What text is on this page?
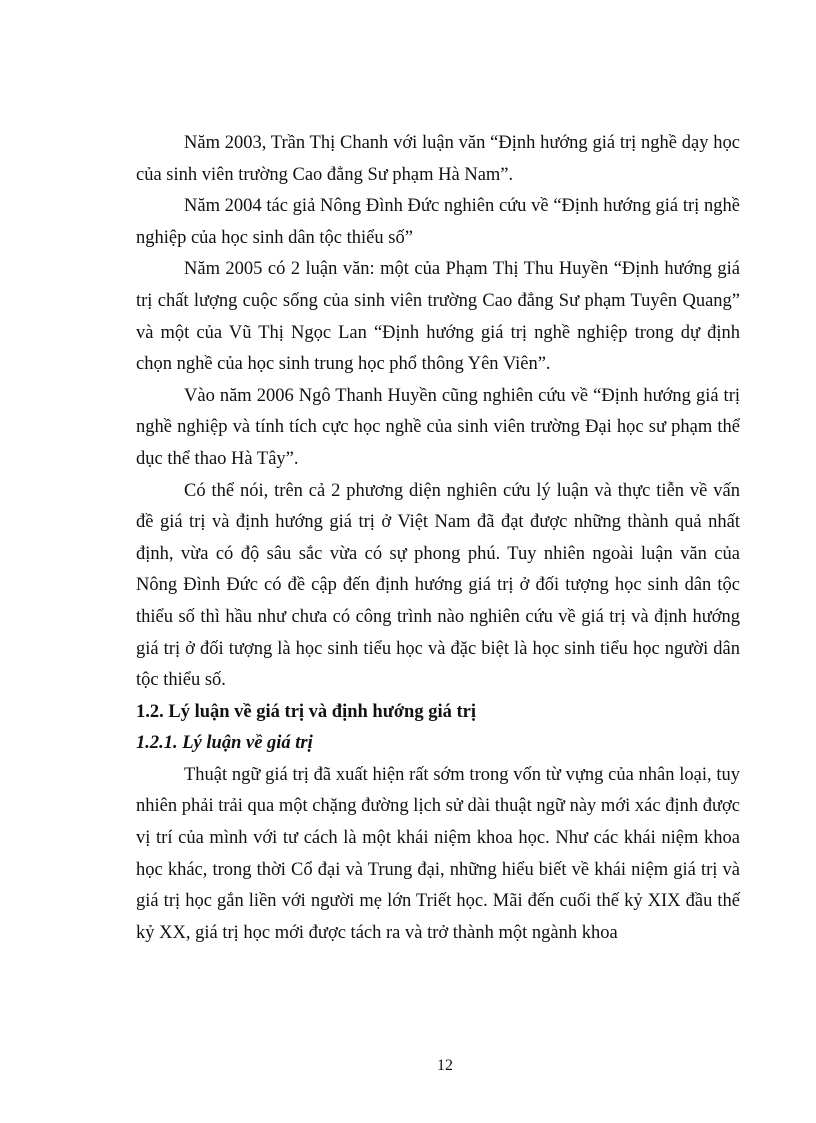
Năm 2003, Trần Thị Chanh với luận văn “Định hướng giá trị nghề dạy học của sinh viên trường Cao đẳng Sư phạm Hà Nam”.

Năm 2004 tác giả Nông Đình Đức nghiên cứu về “Định hướng giá trị nghề nghiệp của học sinh dân tộc thiểu số”

Năm 2005 có 2 luận văn: một của Phạm Thị Thu Huyền “Định hướng giá trị chất lượng cuộc sống của sinh viên trường Cao đẳng Sư phạm Tuyên Quang” và một của Vũ Thị Ngọc Lan “Định hướng giá trị nghề nghiệp trong dự định chọn nghề của học sinh trung học phổ thông Yên Viên”.

Vào năm 2006 Ngô Thanh Huyền cũng nghiên cứu về “Định hướng giá trị nghề nghiệp và tính tích cực học nghề của sinh viên trường Đại học sư phạm thể dục thể thao Hà Tây”.

Có thể nói, trên cả 2 phương diện nghiên cứu lý luận và thực tiễn về vấn đề giá trị và định hướng giá trị ở Việt Nam đã đạt được những thành quả nhất định, vừa có độ sâu sắc vừa có sự phong phú. Tuy nhiên ngoài luận văn của Nông Đình Đức có đề cập đến định hướng giá trị ở đối tượng học sinh dân tộc thiểu số thì hầu như chưa có công trình nào nghiên cứu về giá trị và định hướng giá trị ở đối tượng là học sinh tiểu học và đặc biệt là học sinh tiểu học người dân tộc thiểu số.

1.2. Lý luận về giá trị và định hướng giá trị

1.2.1. Lý luận về giá trị

Thuật ngữ giá trị đã xuất hiện rất sớm trong vốn từ vựng của nhân loại, tuy nhiên phải trải qua một chặng đường lịch sử dài thuật ngữ này mới xác định được vị trí của mình với tư cách là một khái niệm khoa học. Như các khái niệm khoa học khác, trong thời Cổ đại và Trung đại, những hiểu biết về khái niệm giá trị và giá trị học gắn liền với người mẹ lớn Triết học. Mãi đến cuối thế kỷ XIX đầu thế kỷ XX, giá trị học mới được tách ra và trở thành một ngành khoa

12
